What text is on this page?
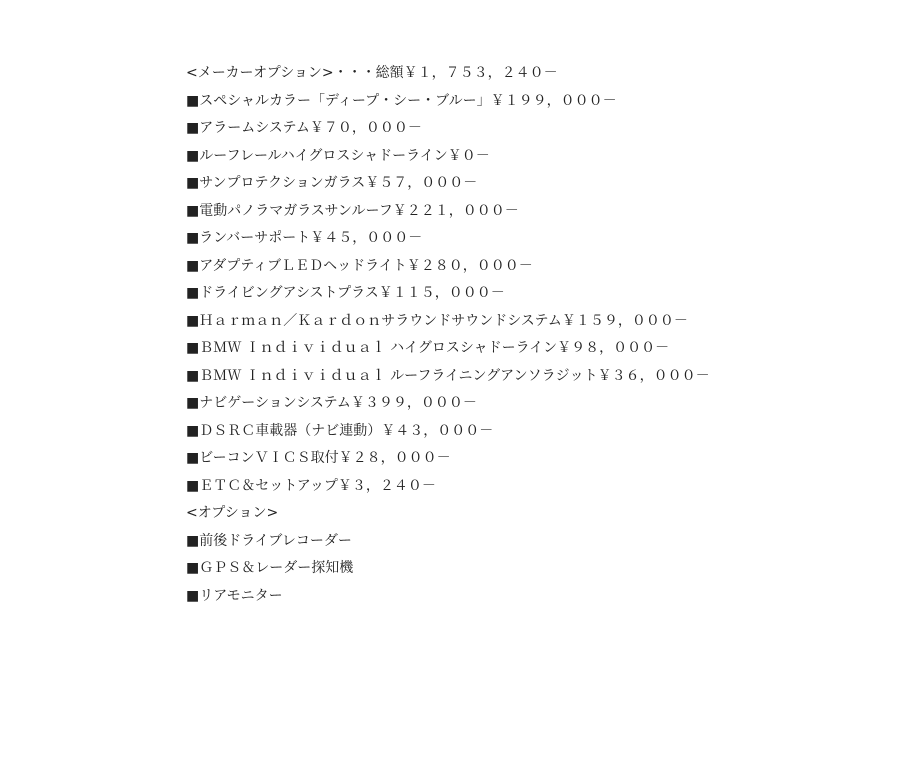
<メーカーオプション>・・・総額￥１，７５３，２４０－
■スペシャルカラー「ディープ・シー・ブルー」￥１９９，０００－
■アラームシステム￥７０，０００－
■ルーフレールハイグロスシャドーライン￥０－
■サンプロテクションガラス￥５７，０００－
■電動パノラマガラスサンルーフ￥２２１，０００－
■ランバーサポート￥４５，０００－
■アダプティブＬＥＤヘッドライト￥２８０，０００－
■ドライビングアシストプラス￥１１５，０００－
■Ｈａｒｍａｎ／Ｋａｒｄｏｎサラウンドサウンドシステム￥１５９，０００－
■ＢＭＷ Ｉｎｄｉｖｉｄｕａｌ ハイグロスシャドーライン￥９８，０００－
■ＢＭＷ Ｉｎｄｉｖｉｄｕａｌ ルーフライニングアンソラジット￥３６，０００－
■ナビゲーションシステム￥３９９，０００－
■ＤＳＲＣ車載器（ナビ連動）￥４３，０００－
■ビーコンＶＩＣＳ取付￥２８，０００－
■ＥＴＣ＆セットアップ￥３，２４０－
<オプション>
■前後ドライブレコーダー
■ＧＰＳ＆レーダー探知機
■リアモニター
